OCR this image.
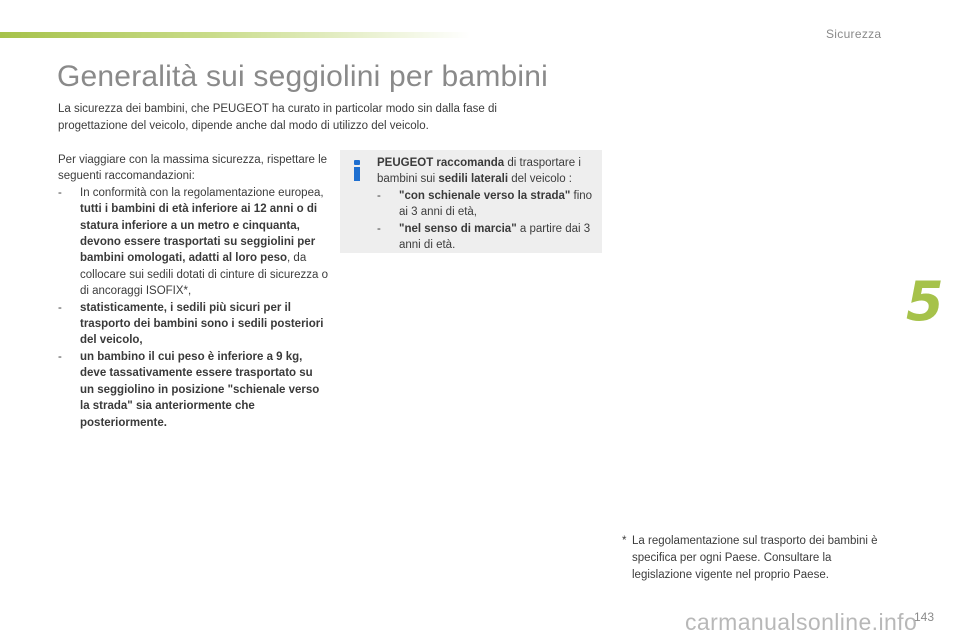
Sicurezza
Generalità sui seggiolini per bambini

La sicurezza dei bambini, che PEUGEOT ha curato in particolar modo sin dalla fase di progettazione del veicolo, dipende anche dal modo di utilizzo del veicolo.

Per viaggiare con la massima sicurezza, rispettare le seguenti raccomandazioni:

- In conformità con la regolamentazione europea, tutti i bambini di età inferiore ai 12 anni o di statura inferiore a un metro e cinquanta, devono essere trasportati su seggiolini per bambini omologati, adatti al loro peso, da collocare sui sedili dotati di cinture di sicurezza o di ancoraggi ISOFIX*,
- statisticamente, i sedili più sicuri per il trasporto dei bambini sono i sedili posteriori del veicolo,
- un bambino il cui peso è inferiore a 9 kg, deve tassativamente essere trasportato su un seggiolino in posizione "schienale verso la strada" sia anteriormente che posteriormente.

PEUGEOT raccomanda di trasportare i bambini sui sedili laterali del veicolo :

- "con schienale verso la strada" fino ai 3 anni di età,
- "nel senso di marcia" a partire dai 3 anni di età.
5
* La regolamentazione sul trasporto dei bambini è specifica per ogni Paese. Consultare la legislazione vigente nel proprio Paese.
carmanualsonline.info
143
